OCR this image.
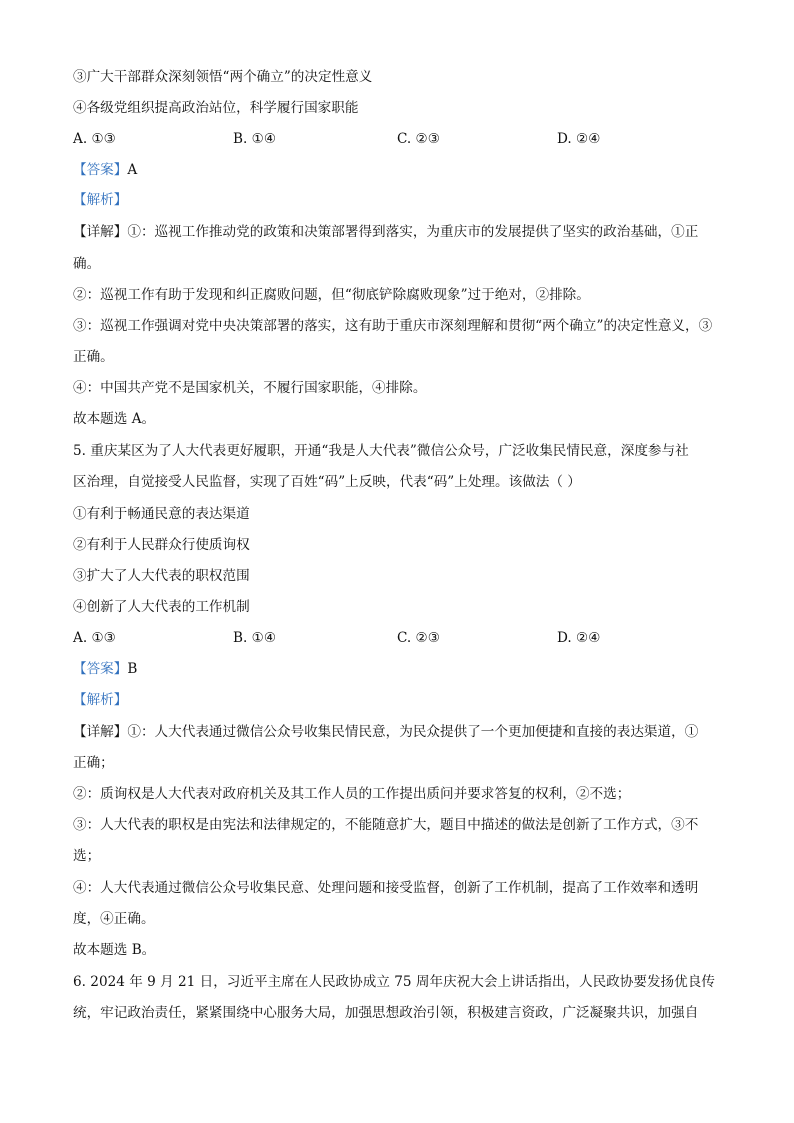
③广大干部群众深刻领悟“两个确立”的决定性意义
④各级党组织提高政治站位，科学履行国家职能
A. ①③	B. ①④	C. ②③	D. ②④
【答案】A
【解析】
【详解】①：巡视工作推动党的政策和决策部署得到落实，为重庆市的发展提供了坚实的政治基础，①正
确。
②：巡视工作有助于发现和纠正腐败问题，但“彻底铲除腐败现象”过于绝对，②排除。
③：巡视工作强调对党中央决策部署的落实，这有助于重庆市深刻理解和贯彻“两个确立”的决定性意义，③
正确。
④：中国共产党不是国家机关，不履行国家职能，④排除。
故本题选 A。
5. 重庆某区为了人大代表更好履职，开通“我是人大代表”微信公众号，广泛收集民情民意，深度参与社
区治理，自觉接受人民监督，实现了百姓“码”上反映，代表“码”上处理。该做法（ ）
①有利于畅通民意的表达渠道
②有利于人民群众行使质询权
③扩大了人大代表的职权范围
④创新了人大代表的工作机制
A. ①③	B. ①④	C. ②③	D. ②④
【答案】B
【解析】
【详解】①：人大代表通过微信公众号收集民情民意，为民众提供了一个更加便捷和直接的表达渠道，①
正确；
②：质询权是人大代表对政府机关及其工作人员的工作提出质问并要求答复的权利，②不选；
③：人大代表的职权是由宪法和法律规定的，不能随意扩大，题目中描述的做法是创新了工作方式，③不
选；
④：人大代表通过微信公众号收集民意、处理问题和接受监督，创新了工作机制，提高了工作效率和透明
度，④正确。
故本题选 B。
6. 2024 年 9 月 21 日，习近平主席在人民政协成立 75 周年庆祝大会上讲话指出，人民政协要发扬优良传
统，牢记政治责任，紧紧围绕中心服务大局，加强思想政治引领，积极建言资政，广泛凝聚共识，加强自
